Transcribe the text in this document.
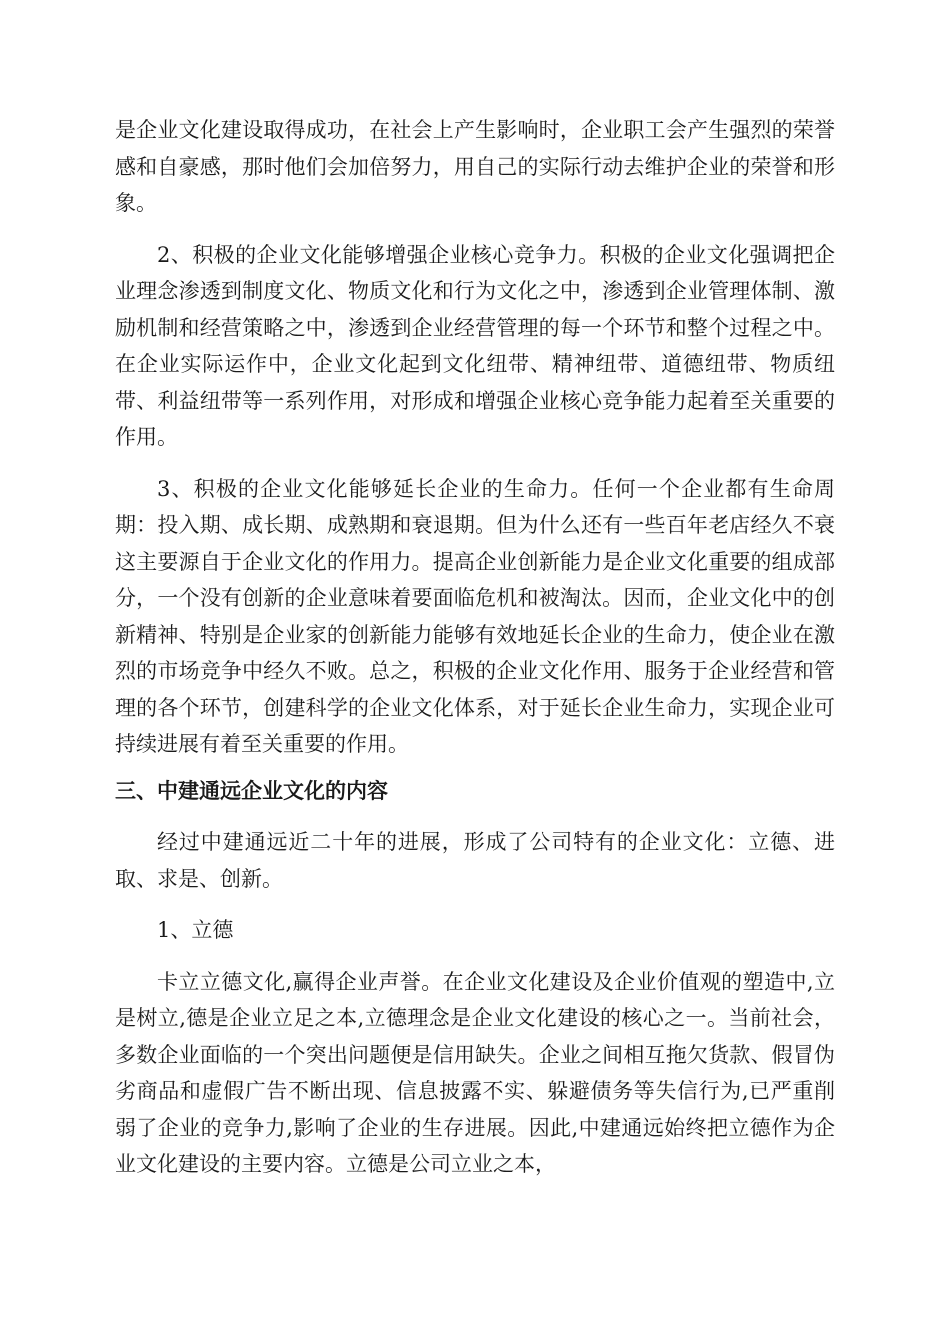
是企业文化建设取得成功，在社会上产生影响时，企业职工会产生强烈的荣誉感和自豪感，那时他们会加倍努力，用自己的实际行动去维护企业的荣誉和形象。

2、积极的企业文化能够增强企业核心竞争力。积极的企业文化强调把企业理念渗透到制度文化、物质文化和行为文化之中，渗透到企业管理体制、激励机制和经营策略之中，渗透到企业经营管理的每一个环节和整个过程之中。在企业实际运作中，企业文化起到文化纽带、精神纽带、道德纽带、物质纽带、利益纽带等一系列作用，对形成和增强企业核心竞争能力起着至关重要的作用。

3、积极的企业文化能够延长企业的生命力。任何一个企业都有生命周期：投入期、成长期、成熟期和衰退期。但为什么还有一些百年老店经久不衰这主要源自于企业文化的作用力。提高企业创新能力是企业文化重要的组成部分，一个没有创新的企业意味着要面临危机和被淘汰。因而，企业文化中的创新精神、特别是企业家的创新能力能够有效地延长企业的生命力，使企业在激烈的市场竞争中经久不败。总之，积极的企业文化作用、服务于企业经营和管理的各个环节，创建科学的企业文化体系，对于延长企业生命力，实现企业可持续进展有着至关重要的作用。

三、中建通远企业文化的内容

经过中建通远近二十年的进展，形成了公司特有的企业文化：立德、进取、求是、创新。

1、立德

卡立立德文化,赢得企业声誉。在企业文化建设及企业价值观的塑造中,立是树立,德是企业立足之本,立德理念是企业文化建设的核心之一。当前社会，多数企业面临的一个突出问题便是信用缺失。企业之间相互拖欠货款、假冒伪劣商品和虚假广告不断出现、信息披露不实、躲避债务等失信行为,已严重削弱了企业的竞争力,影响了企业的生存进展。因此,中建通远始终把立德作为企业文化建设的主要内容。立德是公司立业之本，
